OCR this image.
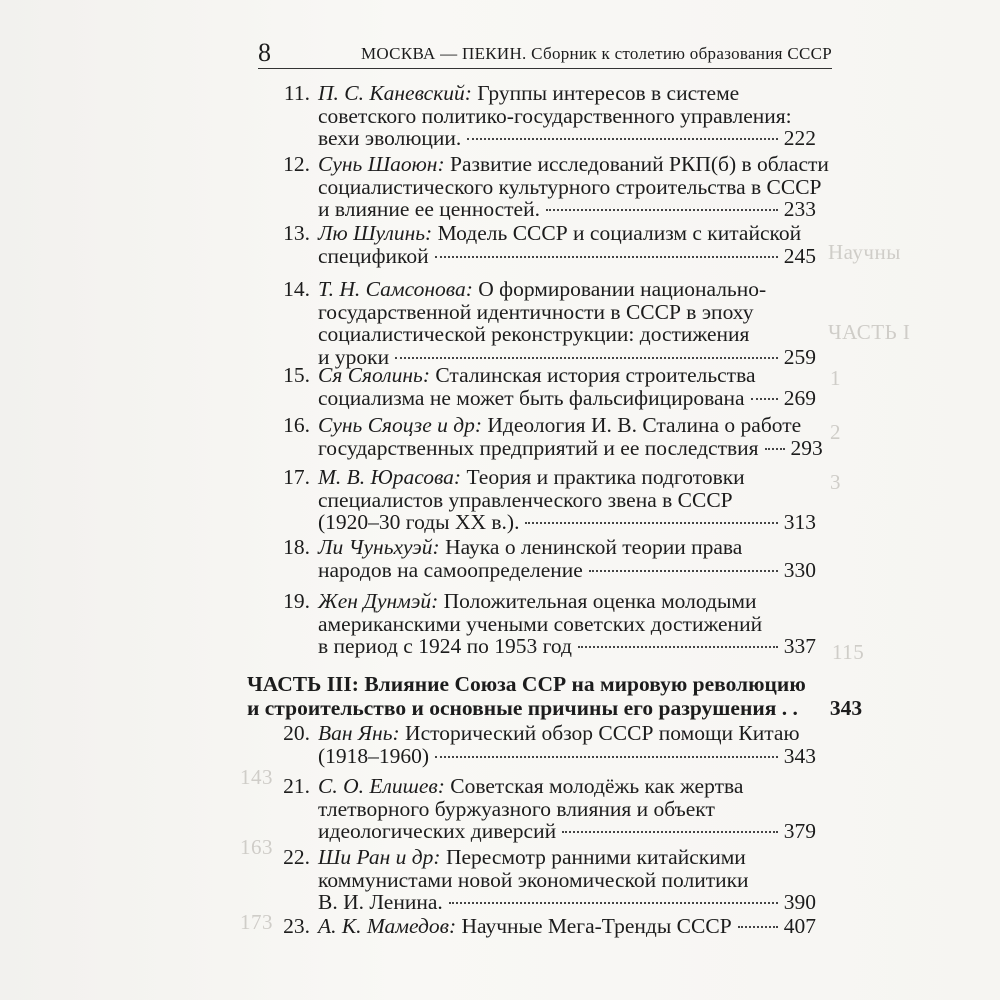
Научны
ЧАСТЬ I
1
2
3
115
143
163
173
8	МОСКВА — ПЕКИН. Сборник к столетию образования СССР
11. П. С. Каневский: Группы интересов в системе
советского политико-государственного управления:
вехи эволюции.	222
12. Сунь Шаоюн: Развитие исследований РКП(б) в области
социалистического культурного строительства в СССР
и влияние ее ценностей.	233
13. Лю Шулинь: Модель СССР и социализм с китайской
спецификой	245
14. Т. Н. Самсонова: О формировании национально-
государственной идентичности в СССР в эпоху
социалистической реконструкции: достижения
и уроки	259
15. Ся Сяолинь: Сталинская история строительства
социализма не может быть фальсифицирована 269
16. Сунь Сяоцзе и др: Идеология И. В. Сталина о работе
государственных предприятий и ее последствия 293
17. М. В. Юрасова: Теория и практика подготовки
специалистов управленческого звена в СССР
(1920–30 годы XX в.).	313
18. Ли Чуньхуэй: Наука о ленинской теории права
народов на самоопределение	330
19. Жен Дунмэй: Положительная оценка молодыми
американскими учеными советских достижений
в период с 1924 по 1953 год	337
20. Ван Янь: Исторический обзор СССР помощи Китаю
(1918–1960)	343
21. С. О. Елишев: Советская молодёжь как жертва
тлетворного буржуазного влияния и объект
идеологических диверсий	379
22. Ши Ран и др: Пересмотр ранними китайскими
коммунистами новой экономической политики
В. И. Ленина.	390
23. А. К. Мамедов: Научные Мега-Тренды СССР 407
ЧАСТЬ III: Влияние Союза ССР на мировую революцию
и строительство и основные причины его разрушения . . 343
